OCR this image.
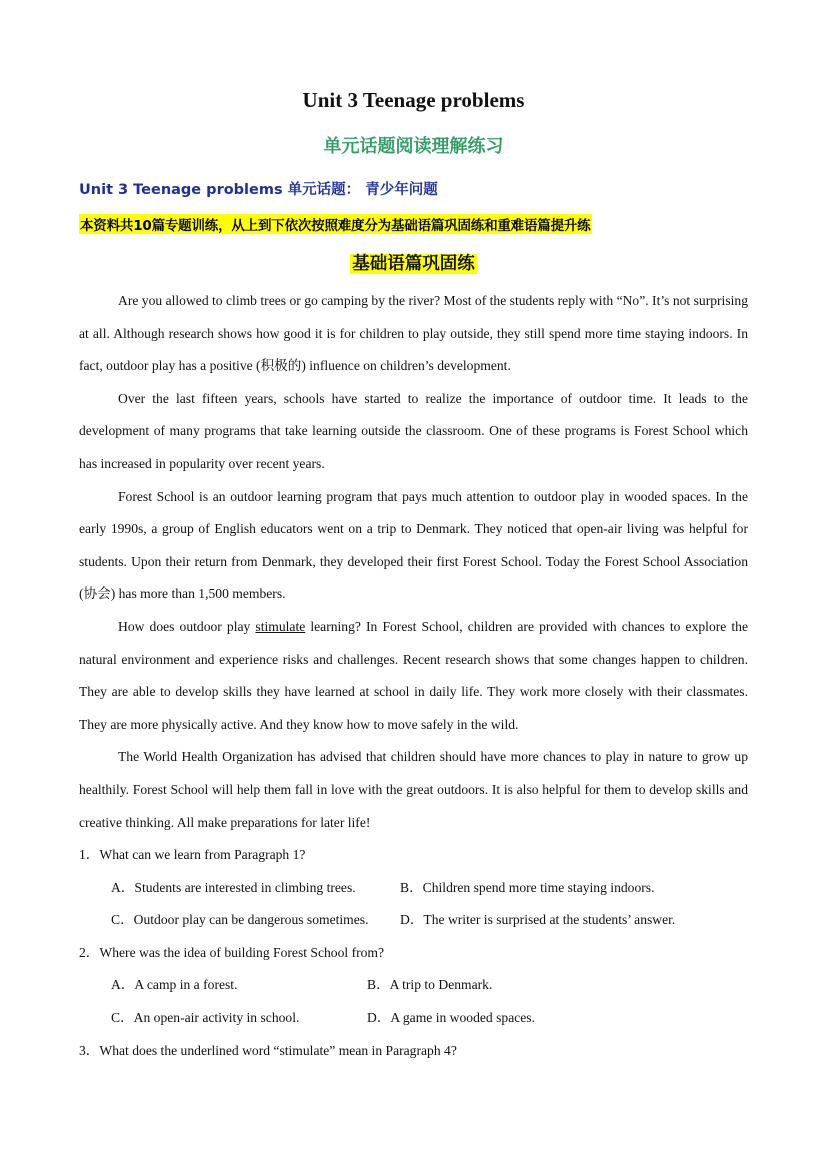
Unit 3 Teenage problems
单元话题阅读理解练习
Unit 3 Teenage problems 单元话题： 青少年问题
本资料共10篇专题训练，从上到下依次按照难度分为基础语篇巩固练和重难语篇提升练
基础语篇巩固练

Are you allowed to climb trees or go camping by the river? Most of the students reply with “No”. It’s not surprising at all. Although research shows how good it is for children to play outside, they still spend more time staying indoors. In fact, outdoor play has a positive (积极的) influence on children’s development.

Over the last fifteen years, schools have started to realize the importance of outdoor time. It leads to the development of many programs that take learning outside the classroom. One of these programs is Forest School which has increased in popularity over recent years.

Forest School is an outdoor learning program that pays much attention to outdoor play in wooded spaces. In the early 1990s, a group of English educators went on a trip to Denmark. They noticed that open-air living was helpful for students. Upon their return from Denmark, they developed their first Forest School. Today the Forest School Association (协会) has more than 1,500 members.

How does outdoor play stimulate learning? In Forest School, children are provided with chances to explore the natural environment and experience risks and challenges. Recent research shows that some changes happen to children. They are able to develop skills they have learned at school in daily life. They work more closely with their classmates. They are more physically active. And they know how to move safely in the wild.

The World Health Organization has advised that children should have more chances to play in nature to grow up healthily. Forest School will help them fall in love with the great outdoors. It is also helpful for them to develop skills and creative thinking. All make preparations for later life!

1．What can we learn from Paragraph 1?

A．Students are interested in climbing trees.	B．Children spend more time staying indoors.
C．Outdoor play can be dangerous sometimes.	D．The writer is surprised at the students’ answer.

2．Where was the idea of building Forest School from?

A．A camp in a forest.	B．A trip to Denmark.
C．An open-air activity in school.	D．A game in wooded spaces.

3．What does the underlined word “stimulate” mean in Paragraph 4?
